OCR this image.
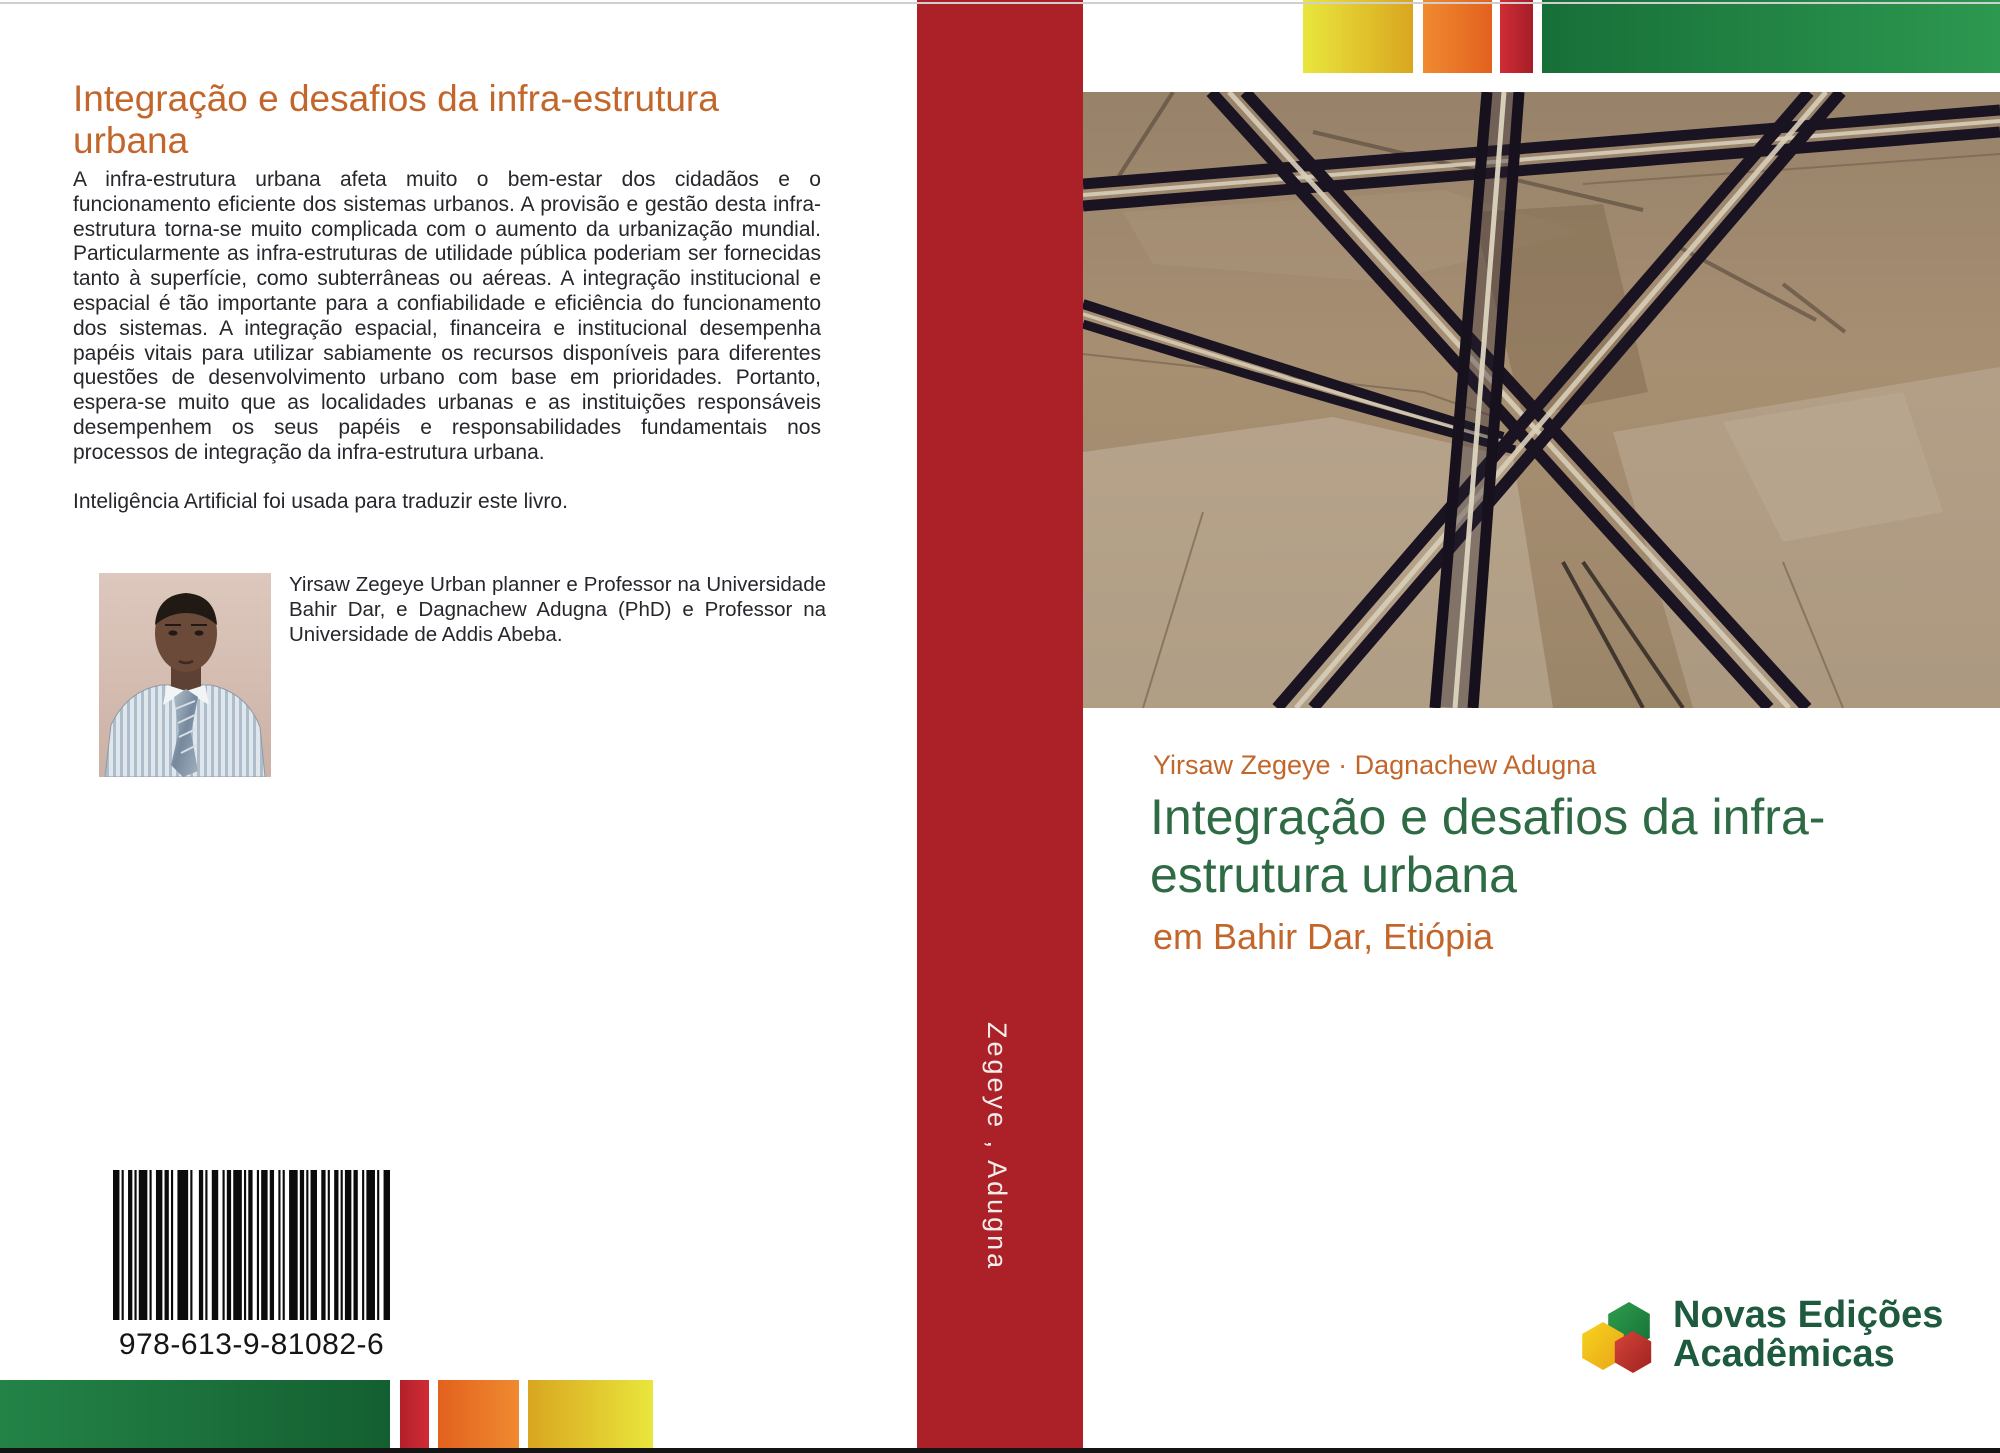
Integração e desafios da infra-estrutura
urbana
A infra-estrutura urbana afeta muito o bem-estar dos cidadãos e o funcionamento eficiente dos sistemas urbanos. A provisão e gestão desta infra-estrutura torna-se muito complicada com o aumento da urbanização mundial. Particularmente as infra-estruturas de utilidade pública poderiam ser fornecidas tanto à superfície, como subterrâneas ou aéreas. A integração institucional e espacial é tão importante para a confiabilidade e eficiência do funcionamento dos sistemas. A integração espacial, financeira e institucional desempenha papéis vitais para utilizar sabiamente os recursos disponíveis para diferentes questões de desenvolvimento urbano com base em prioridades. Portanto, espera-se muito que as localidades urbanas e as instituições responsáveis desempenhem os seus papéis e responsabilidades fundamentais nos processos de integração da infra-estrutura urbana.
Inteligência Artificial foi usada para traduzir este livro.
Yirsaw Zegeye Urban planner e Professor na Universidade Bahir Dar, e Dagnachew Adugna (PhD) e Professor na Universidade de Addis Abeba.
978-613-9-81082-6
Zegeye , Adugna
Yirsaw Zegeye · Dagnachew Adugna
Integração e desafios da infra-
estrutura urbana
em Bahir Dar, Etiópia
Novas Edições
Acadêmicas
